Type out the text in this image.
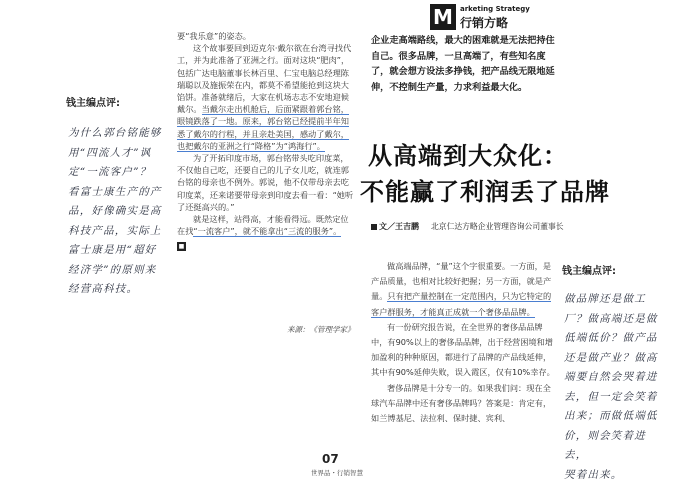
M	arketing Strategy
行销方略
钱主编点评:
为什么郭台铭能够
用“四流人才”讽
定“一流客户”？
看富士康生产的产
品，好像确实是高
科技产品，实际上
富士康是用“超好
经济学”的原则来
经营高科技。

要“我乐意”的姿态。

这个故事要回到迈克尔·戴尔欲在台湾寻找代工，并为此准备了亚洲之行。面对这块“肥肉”，包括广达电脑董事长林百里、仁宝电脑总经理陈瑞聪以及施振荣在内，都莫不希望能抢到这块大馅饼。准备就绪后，大家在机场志志不安地迎候戴尔。当戴尔走出机舱后，后面紧跟着郭台铭，眼镜跌落了一地。原来，郭台铭已经提前半年知悉了戴尔的行程，并且亲赴美国，感动了戴尔，也把戴尔的亚洲之行“降格”为“鸿海行”。

为了开拓印度市场，郭台铭带头吃印度菜，不仅他自己吃，还要自己的儿子女儿吃，就连郭台铭的母亲也不例外。郭说，他不仅带母亲去吃印度菜，还来诺要带母亲到印度去看一看：“她听了还挺高兴的。”

就是这样，站得高，才能看得远。既然定位在找“一流客户”，就不能拿出“三流的服务”。

■

来源：《管理学家》
企业走高端路线，最大的困难就是无法把持住自己。很多品牌，一旦高端了，有些知名度了，就会想方设法多挣钱，把产品线无限地延伸，不控制生产量，力求利益最大化。
从高端到大众化：
不能赢了利润丢了品牌
文／王吉鹏 北京仁达方略企业管理咨询公司董事长

做高端品牌，“量”这个字很重要。一方面，是产品质量，也相对比较好把握；另一方面，就是产量。只有把产量控制在一定范围内，只为它特定的客户群服务，才能真正成就一个奢侈品品牌。

有一份研究报告说，在全世界的奢侈品品牌中，有90%以上的奢侈品品牌，出于经营困境和增加盈利的种种原因，都进行了品牌的产品线延伸，其中有90%延伸失败，误入霞区，仅有10%幸存。

奢侈品牌是十分专一的。如果我们问：现在全球汽车品牌中还有奢侈品牌吗？答案是：肯定有，如兰博基尼、法拉利、保时捷、宾利、

钱主编点评:
做品牌还是做工
厂？做高端还是做
低端低价？做产品
还是做产业？做高
端要自然会哭着进
去，但一定会笑着
出来；而做低端低
价，则会笑着进去，
哭着出来。
07
世界品・行销智慧
